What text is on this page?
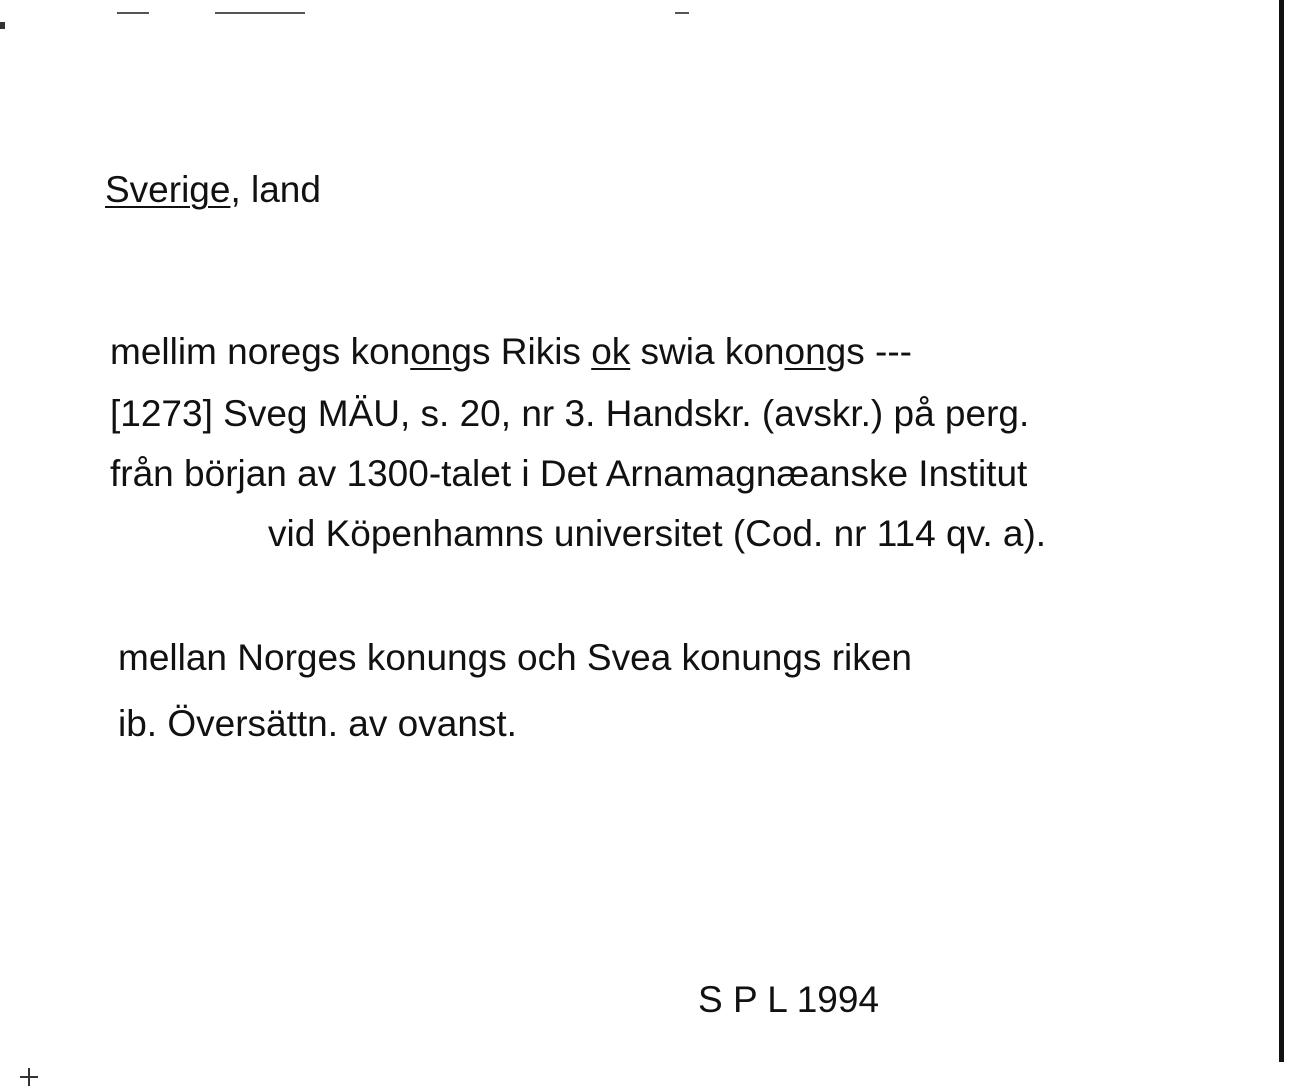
Sverige, land
mellim noregs konongs Rikis ok swia konongs ---
[1273] Sveg MÄU, s. 20, nr 3. Handskr. (avskr.) på perg.
från början av 1300-talet i Det Arnamagnæanske Institut
vid Köpenhamns universitet (Cod. nr 114 qv. a).
mellan Norges konungs och Svea konungs riken
ib. Översättn. av ovanst.
S P L 1994
